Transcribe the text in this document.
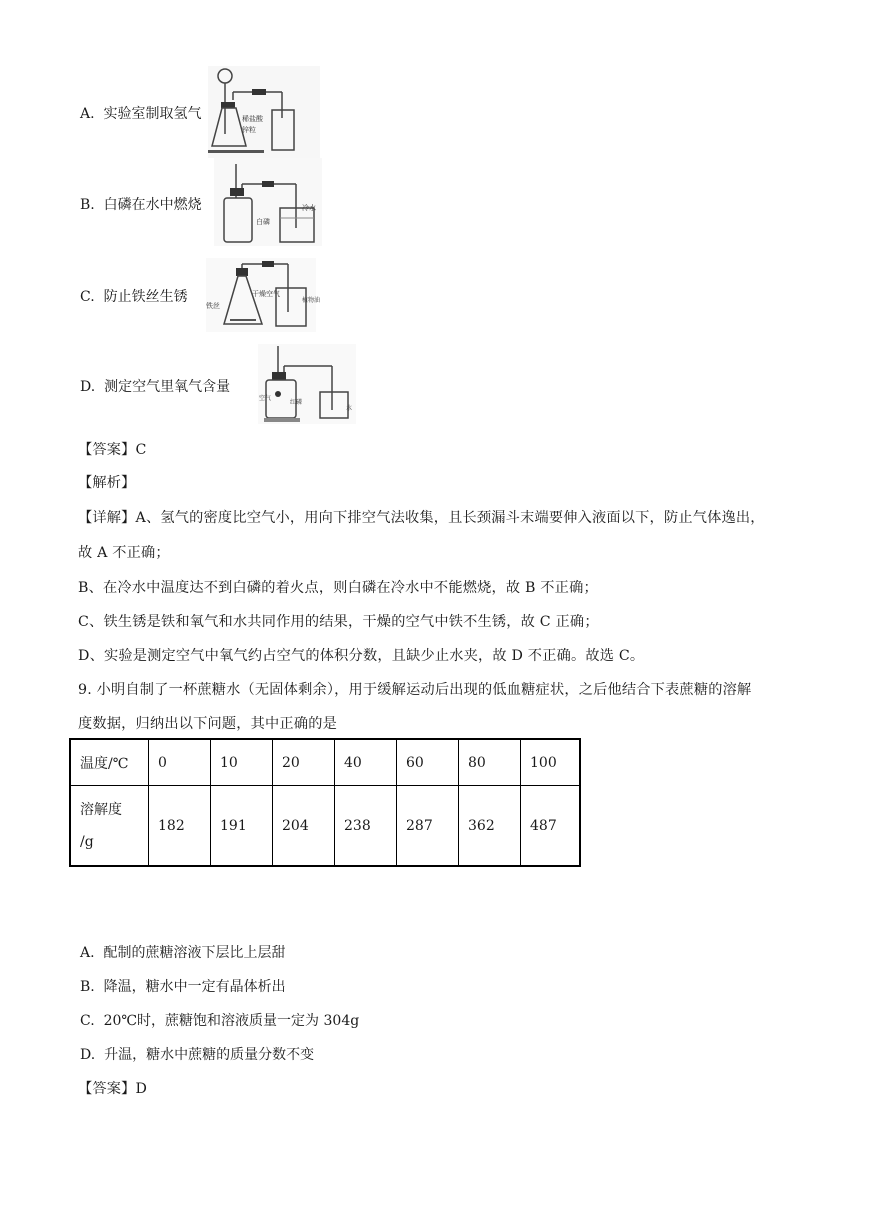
A. 实验室制取氢气	稀盐酸
锌粒
B. 白磷在水中燃烧
白磷
冷水
C. 防止铁丝生锈
铁丝
干燥空气
植物油
D. 测定空气里氧气含量
空气
红磷
水
【答案】C
【解析】
【详解】A、氢气的密度比空气小，用向下排空气法收集，且长颈漏斗末端要伸入液面以下，防止气体逸出，
故 A 不正确；
B、在冷水中温度达不到白磷的着火点，则白磷在冷水中不能燃烧，故 B 不正确；
C、铁生锈是铁和氧气和水共同作用的结果，干燥的空气中铁不生锈，故 C 正确；
D、实验是测定空气中氧气约占空气的体积分数，且缺少止水夹，故 D 不正确。故选 C。
9. 小明自制了一杯蔗糖水（无固体剩余），用于缓解运动后出现的低血糖症状，之后他结合下表蔗糖的溶解
度数据，归纳出以下问题，其中正确的是
温度/℃	0	10	20	40	60	80	100

溶解度
/g	182	191	204	238	287	362	487
A. 配制的蔗糖溶液下层比上层甜
B. 降温，糖水中一定有晶体析出
C. 20℃时，蔗糖饱和溶液质量一定为 304g
D. 升温，糖水中蔗糖的质量分数不变
【答案】D
